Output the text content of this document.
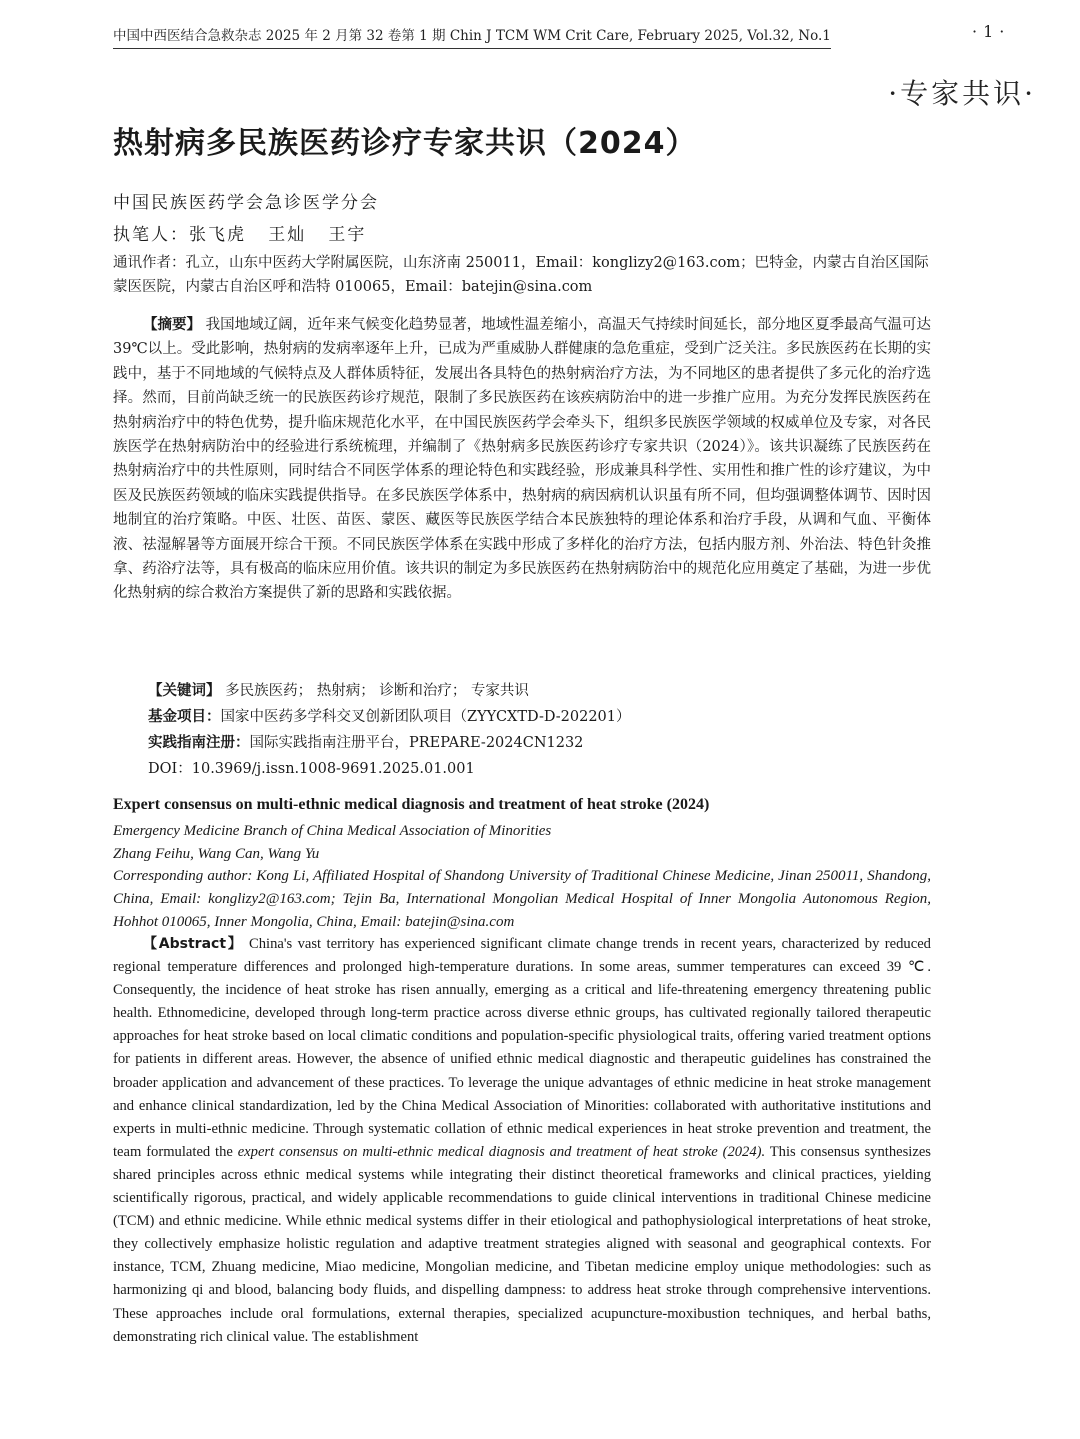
中国中西医结合急救杂志 2025 年 2 月第 32 卷第 1 期 Chin J TCM WM Crit Care, February 2025, Vol.32, No.1	·1·
·专家共识·
热射病多民族医药诊疗专家共识（2024）
中国民族医药学会急诊医学分会
执笔人：张飞虎   王灿   王宇
通讯作者：孔立，山东中医药大学附属医院，山东济南 250011，Email：konglizy2@163.com；巴特金，内蒙古自治区国际蒙医医院，内蒙古自治区呼和浩特 010065，Email：batejin@sina.com
【摘要】 我国地域辽阔，近年来气候变化趋势显著，地域性温差缩小，高温天气持续时间延长，部分地区夏季最高气温可达 39℃以上。受此影响，热射病的发病率逐年上升，已成为严重威胁人群健康的急危重症，受到广泛关注。多民族医药在长期的实践中，基于不同地域的气候特点及人群体质特征，发展出各具特色的热射病治疗方法，为不同地区的患者提供了多元化的治疗选择。然而，目前尚缺乏统一的民族医药诊疗规范，限制了多民族医药在该疾病防治中的进一步推广应用。为充分发挥民族医药在热射病治疗中的特色优势，提升临床规范化水平，在中国民族医药学会牵头下，组织多民族医学领域的权威单位及专家，对各民族医学在热射病防治中的经验进行系统梳理，并编制了《热射病多民族医药诊疗专家共识（2024）》。该共识凝练了民族医药在热射病治疗中的共性原则，同时结合不同医学体系的理论特色和实践经验，形成兼具科学性、实用性和推广性的诊疗建议，为中医及民族医药领域的临床实践提供指导。在多民族医学体系中，热射病的病因病机认识虽有所不同，但均强调整体调节、因时因地制宜的治疗策略。中医、壮医、苗医、蒙医、藏医等民族医学结合本民族独特的理论体系和治疗手段，从调和气血、平衡体液、祛湿解暑等方面展开综合干预。不同民族医学体系在实践中形成了多样化的治疗方法，包括内服方剂、外治法、特色针灸推拿、药浴疗法等，具有极高的临床应用价值。该共识的制定为多民族医药在热射病防治中的规范化应用奠定了基础，为进一步优化热射病的综合救治方案提供了新的思路和实践依据。
【关键词】 多民族医药； 热射病； 诊断和治疗； 专家共识
基金项目：国家中医药多学科交叉创新团队项目（ZYYCXTD-D-202201）
实践指南注册：国际实践指南注册平台，PREPARE-2024CN1232
DOI：10.3969/j.issn.1008-9691.2025.01.001
Expert consensus on multi-ethnic medical diagnosis and treatment of heat stroke (2024)
Emergency Medicine Branch of China Medical Association of Minorities
Zhang Feihu, Wang Can, Wang Yu
Corresponding author: Kong Li, Affiliated Hospital of Shandong University of Traditional Chinese Medicine, Jinan 250011, Shandong, China, Email: konglizy2@163.com; Tejin Ba, International Mongolian Medical Hospital of Inner Mongolia Autonomous Region, Hohhot 010065, Inner Mongolia, China, Email: batejin@sina.com
【Abstract】 China's vast territory has experienced significant climate change trends in recent years, characterized by reduced regional temperature differences and prolonged high-temperature durations. In some areas, summer temperatures can exceed 39 ℃. Consequently, the incidence of heat stroke has risen annually, emerging as a critical and life-threatening emergency threatening public health. Ethnomedicine, developed through long-term practice across diverse ethnic groups, has cultivated regionally tailored therapeutic approaches for heat stroke based on local climatic conditions and population-specific physiological traits, offering varied treatment options for patients in different areas. However, the absence of unified ethnic medical diagnostic and therapeutic guidelines has constrained the broader application and advancement of these practices. To leverage the unique advantages of ethnic medicine in heat stroke management and enhance clinical standardization, led by the China Medical Association of Minorities: collaborated with authoritative institutions and experts in multi-ethnic medicine. Through systematic collation of ethnic medical experiences in heat stroke prevention and treatment, the team formulated the expert consensus on multi-ethnic medical diagnosis and treatment of heat stroke (2024). This consensus synthesizes shared principles across ethnic medical systems while integrating their distinct theoretical frameworks and clinical practices, yielding scientifically rigorous, practical, and widely applicable recommendations to guide clinical interventions in traditional Chinese medicine (TCM) and ethnic medicine. While ethnic medical systems differ in their etiological and pathophysiological interpretations of heat stroke, they collectively emphasize holistic regulation and adaptive treatment strategies aligned with seasonal and geographical contexts. For instance, TCM, Zhuang medicine, Miao medicine, Mongolian medicine, and Tibetan medicine employ unique methodologies: such as harmonizing qi and blood, balancing body fluids, and dispelling dampness: to address heat stroke through comprehensive interventions. These approaches include oral formulations, external therapies, specialized acupuncture-moxibustion techniques, and herbal baths, demonstrating rich clinical value. The establishment
